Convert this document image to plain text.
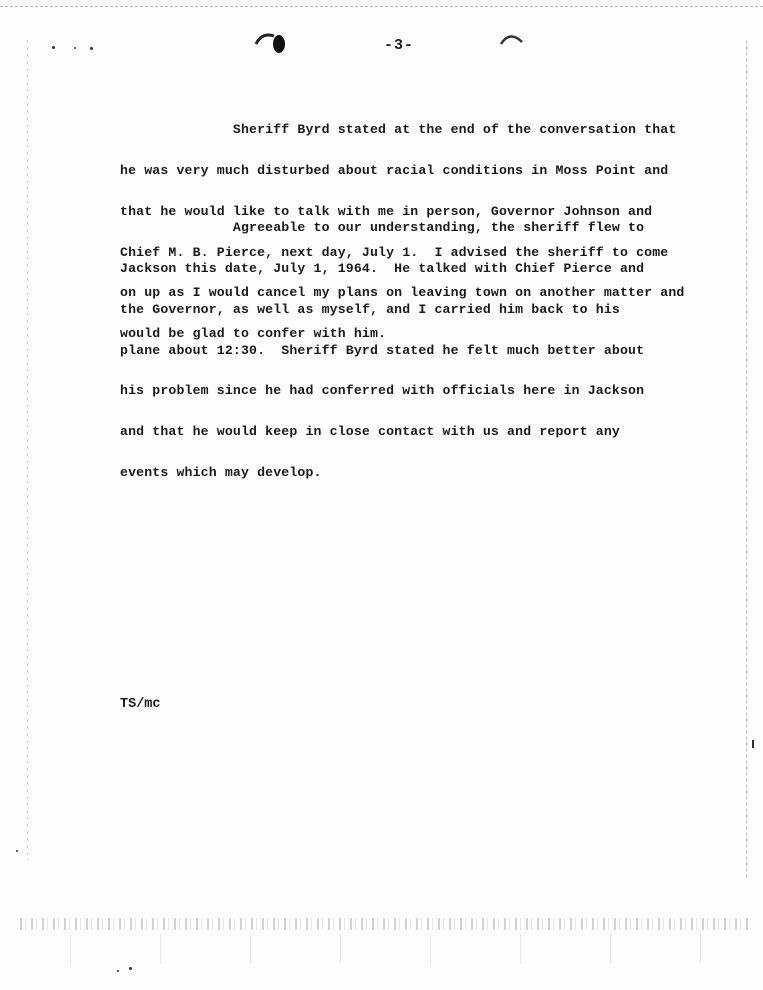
-3-

Sheriff Byrd stated at the end of the conversation that

he was very much disturbed about racial conditions in Moss Point and

that he would like to talk with me in person, Governor Johnson and

Chief M. B. Pierce, next day, July 1.  I advised the sheriff to come

on up as I would cancel my plans on leaving town on another matter and

would be glad to confer with him.

Agreeable to our understanding, the sheriff flew to

Jackson this date, July 1, 1964.  He talked with Chief Pierce and

the Governor, as well as myself, and I carried him back to his

plane about 12:30.  Sheriff Byrd stated he felt much better about

his problem since he had conferred with officials here in Jackson

and that he would keep in close contact with us and report any

events which may develop.

TS/mc
